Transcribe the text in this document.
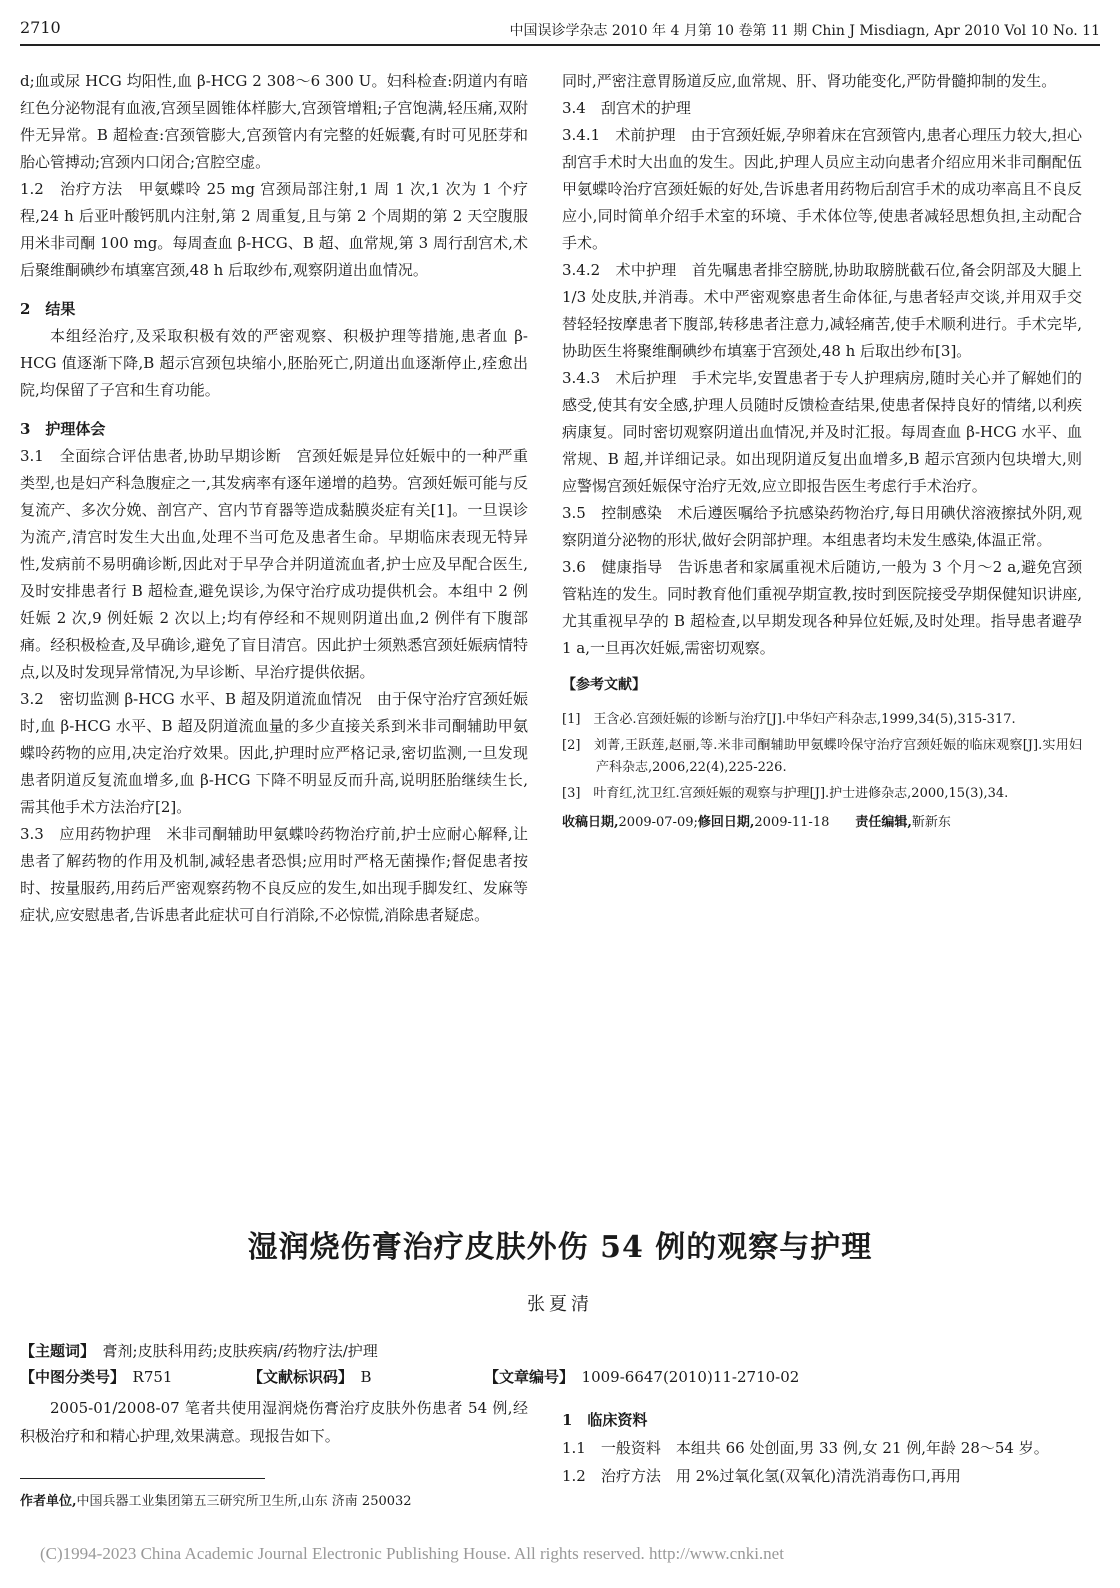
2710	中国误诊学杂志 2010 年 4 月第 10 卷第 11 期 Chin J Misdiagn, Apr 2010 Vol 10 No. 11

d;血或尿 HCG 均阳性,血 β-HCG 2 308～6 300 U。妇科检查:阴道内有暗红色分泌物混有血液,宫颈呈圆锥体样膨大,宫颈管增粗;子宫饱满,轻压痛,双附件无异常。B 超检查:宫颈管膨大,宫颈管内有完整的妊娠囊,有时可见胚芽和胎心管搏动;宫颈内口闭合;宫腔空虚。

1.2　治疗方法　甲氨蝶呤 25 mg 宫颈局部注射,1 周 1 次,1 次为 1 个疗程,24 h 后亚叶酸钙肌内注射,第 2 周重复,且与第 2 个周期的第 2 天空腹服用米非司酮 100 mg。每周查血 β-HCG、B 超、血常规,第 3 周行刮宫术,术后聚维酮碘纱布填塞宫颈,48 h 后取纱布,观察阴道出血情况。

2　结果

本组经治疗,及采取积极有效的严密观察、积极护理等措施,患者血 β-HCG 值逐渐下降,B 超示宫颈包块缩小,胚胎死亡,阴道出血逐渐停止,痊愈出院,均保留了子宫和生育功能。

3　护理体会

3.1　全面综合评估患者,协助早期诊断　宫颈妊娠是异位妊娠中的一种严重类型,也是妇产科急腹症之一,其发病率有逐年递增的趋势。宫颈妊娠可能与反复流产、多次分娩、剖宫产、宫内节育器等造成黏膜炎症有关[1]。一旦误诊为流产,清宫时发生大出血,处理不当可危及患者生命。早期临床表现无特异性,发病前不易明确诊断,因此对于早孕合并阴道流血者,护士应及早配合医生,及时安排患者行 B 超检查,避免误诊,为保守治疗成功提供机会。本组中 2 例妊娠 2 次,9 例妊娠 2 次以上;均有停经和不规则阴道出血,2 例伴有下腹部痛。经积极检查,及早确诊,避免了盲目清宫。因此护士须熟悉宫颈妊娠病情特点,以及时发现异常情况,为早诊断、早治疗提供依据。

3.2　密切监测 β-HCG 水平、B 超及阴道流血情况　由于保守治疗宫颈妊娠时,血 β-HCG 水平、B 超及阴道流血量的多少直接关系到米非司酮辅助甲氨蝶呤药物的应用,决定治疗效果。因此,护理时应严格记录,密切监测,一旦发现患者阴道反复流血增多,血 β-HCG 下降不明显反而升高,说明胚胎继续生长,需其他手术方法治疗[2]。

3.3　应用药物护理　米非司酮辅助甲氨蝶呤药物治疗前,护士应耐心解释,让患者了解药物的作用及机制,减轻患者恐惧;应用时严格无菌操作;督促患者按时、按量服药,用药后严密观察药物不良反应的发生,如出现手脚发红、发麻等症状,应安慰患者,告诉患者此症状可自行消除,不必惊慌,消除患者疑虑。

同时,严密注意胃肠道反应,血常规、肝、肾功能变化,严防骨髓抑制的发生。

3.4　刮宫术的护理

3.4.1　术前护理　由于宫颈妊娠,孕卵着床在宫颈管内,患者心理压力较大,担心刮宫手术时大出血的发生。因此,护理人员应主动向患者介绍应用米非司酮配伍甲氨蝶呤治疗宫颈妊娠的好处,告诉患者用药物后刮宫手术的成功率高且不良反应小,同时简单介绍手术室的环境、手术体位等,使患者减轻思想负担,主动配合手术。

3.4.2　术中护理　首先嘱患者排空膀胱,协助取膀胱截石位,备会阴部及大腿上 1/3 处皮肤,并消毒。术中严密观察患者生命体征,与患者轻声交谈,并用双手交替轻轻按摩患者下腹部,转移患者注意力,减轻痛苦,使手术顺利进行。手术完毕,协助医生将聚维酮碘纱布填塞于宫颈处,48 h 后取出纱布[3]。

3.4.3　术后护理　手术完毕,安置患者于专人护理病房,随时关心并了解她们的感受,使其有安全感,护理人员随时反馈检查结果,使患者保持良好的情绪,以利疾病康复。同时密切观察阴道出血情况,并及时汇报。每周查血 β-HCG 水平、血常规、B 超,并详细记录。如出现阴道反复出血增多,B 超示宫颈内包块增大,则应警惕宫颈妊娠保守治疗无效,应立即报告医生考虑行手术治疗。

3.5　控制感染　术后遵医嘱给予抗感染药物治疗,每日用碘伏溶液擦拭外阴,观察阴道分泌物的形状,做好会阴部护理。本组患者均未发生感染,体温正常。

3.6　健康指导　告诉患者和家属重视术后随访,一般为 3 个月～2 a,避免宫颈管粘连的发生。同时教育他们重视孕期宣教,按时到医院接受孕期保健知识讲座,尤其重视早孕的 B 超检查,以早期发现各种异位妊娠,及时处理。指导患者避孕 1 a,一旦再次妊娠,需密切观察。

【参考文献】

[1]　王含必.宫颈妊娠的诊断与治疗[J].中华妇产科杂志,1999,34(5),315-317.

[2]　刘菁,王跃莲,赵丽,等.米非司酮辅助甲氨蝶呤保守治疗宫颈妊娠的临床观察[J].实用妇产科杂志,2006,22(4),225-226.

[3]　叶育红,沈卫红.宫颈妊娠的观察与护理[J].护士进修杂志,2000,15(3),34.

收稿日期,2009-07-09;修回日期,2009-11-18　　 责任编辑,靳新东

湿润烧伤膏治疗皮肤外伤 54 例的观察与护理
张夏清
【主题词】　 膏剂;皮肤科用药;皮肤疾病/药物疗法/护理
【中图分类号】　 R751	【文献标识码】　 B	【文章编号】　 1009-6647(2010)11-2710-02

2005-01/2008-07 笔者共使用湿润烧伤膏治疗皮肤外伤患者 54 例,经积极治疗和和精心护理,效果满意。现报告如下。

1　临床资料

1.1　一般资料　本组共 66 处创面,男 33 例,女 21 例,年龄 28～54 岁。

1.2　治疗方法　用 2%过氧化氢(双氧化)清洗消毒伤口,再用

作者单位,中国兵器工业集团第五三研究所卫生所,山东 济南 250032
(C)1994-2023 China Academic Journal Electronic Publishing House. All rights reserved. http://www.cnki.net
